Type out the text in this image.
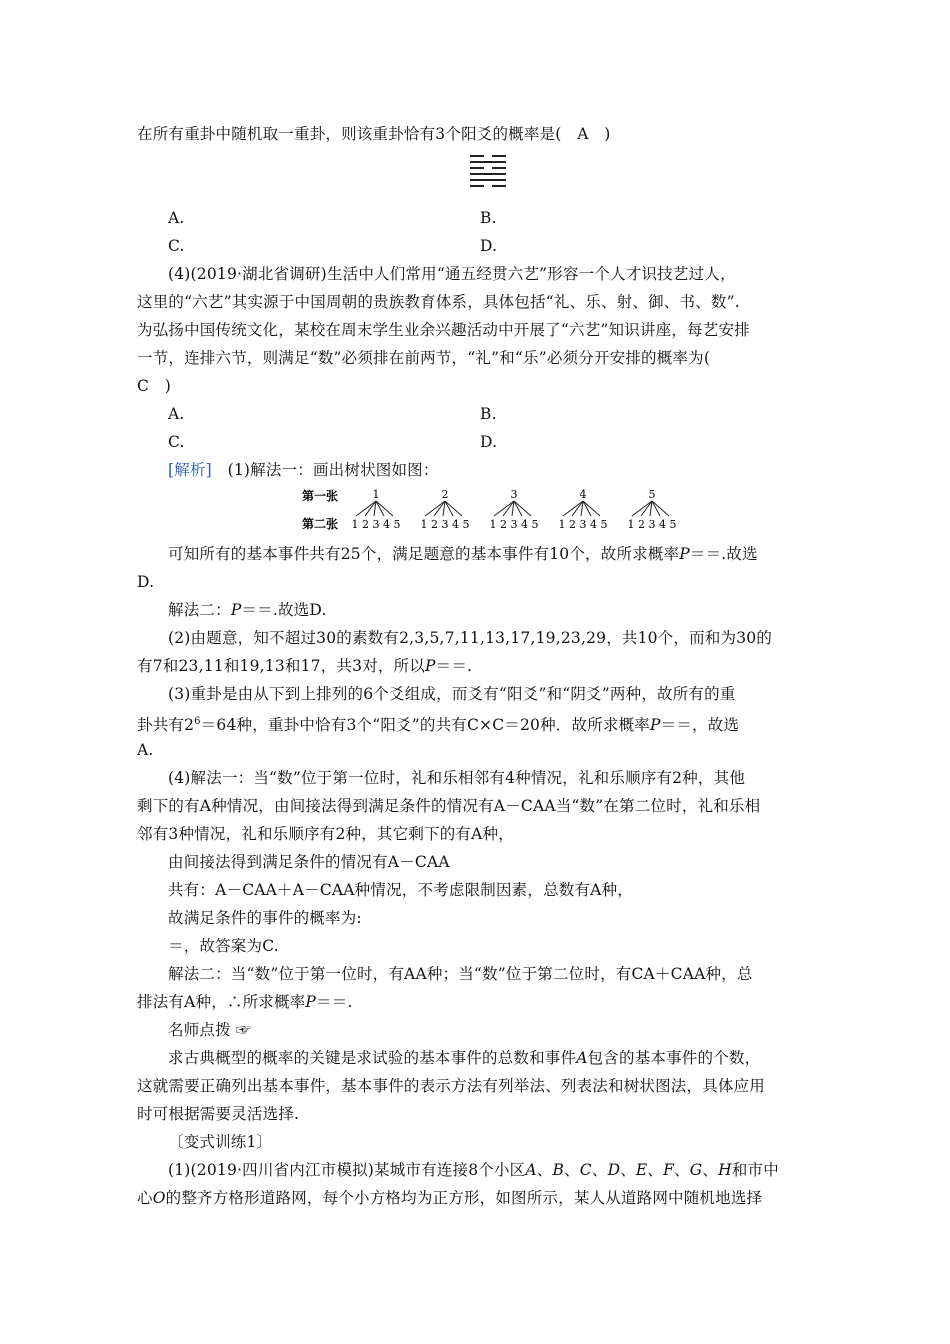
在所有重卦中随机取一重卦，则该重卦恰有3个阳爻的概率是(　A　)
A.	B.
C.	D.
(4)(2019·湖北省调研)生活中人们常用“通五经贯六艺”形容一个人才识技艺过人，
这里的“六艺”其实源于中国周朝的贵族教育体系，具体包括“礼、乐、射、御、书、数”.
为弘扬中国传统文化，某校在周末学生业余兴趣活动中开展了“六艺”知识讲座，每艺安排
一节，连排六节，则满足“数”必须排在前两节，“礼”和“乐”必须分开安排的概率为(
C　)
A.	B.
C.	D.
[解析]　(1)解法一：画出树状图如图：
第一张
第二张
1
1 2 3 4 5
2
1 2 3 4 5
3
1 2 3 4 5
4
1 2 3 4 5
5
1 2 3 4 5
可知所有的基本事件共有25个，满足题意的基本事件有10个，故所求概率P＝＝.故选
D.
解法二：P＝＝.故选D.
(2)由题意，知不超过30的素数有2,3,5,7,11,13,17,19,23,29，共10个，而和为30的
有7和23,11和19,13和17，共3对，所以P＝＝.
(3)重卦是由从下到上排列的6个爻组成，而爻有“阳爻”和“阴爻”两种，故所有的重
卦共有$2^6=64$种，重卦中恰有3个“阳爻”的共有C×C＝20种．故所求概率P＝＝，故选
A.
(4)解法一：当“数”位于第一位时，礼和乐相邻有4种情况，礼和乐顺序有2种，其他
剩下的有A种情况，由间接法得到满足条件的情况有A－CAA当“数”在第二位时，礼和乐相
邻有3种情况，礼和乐顺序有2种，其它剩下的有A种，
由间接法得到满足条件的情况有A－CAA
共有：A－CAA＋A－CAA种情况，不考虑限制因素，总数有A种，
故满足条件的事件的概率为:
＝，故答案为C.
解法二：当“数”位于第一位时，有AA种；当“数”位于第二位时，有CA＋CAA种，总
排法有A种，∴所求概率P＝＝.
名师点拨 ☞
求古典概型的概率的关键是求试验的基本事件的总数和事件A包含的基本事件的个数，
这就需要正确列出基本事件，基本事件的表示方法有列举法、列表法和树状图法，具体应用
时可根据需要灵活选择.
〔变式训练1〕
(1)(2019·四川省内江市模拟)某城市有连接8个小区A、B、C、D、E、F、G、H和市中
心O的整齐方格形道路网，每个小方格均为正方形，如图所示，某人从道路网中随机地选择
